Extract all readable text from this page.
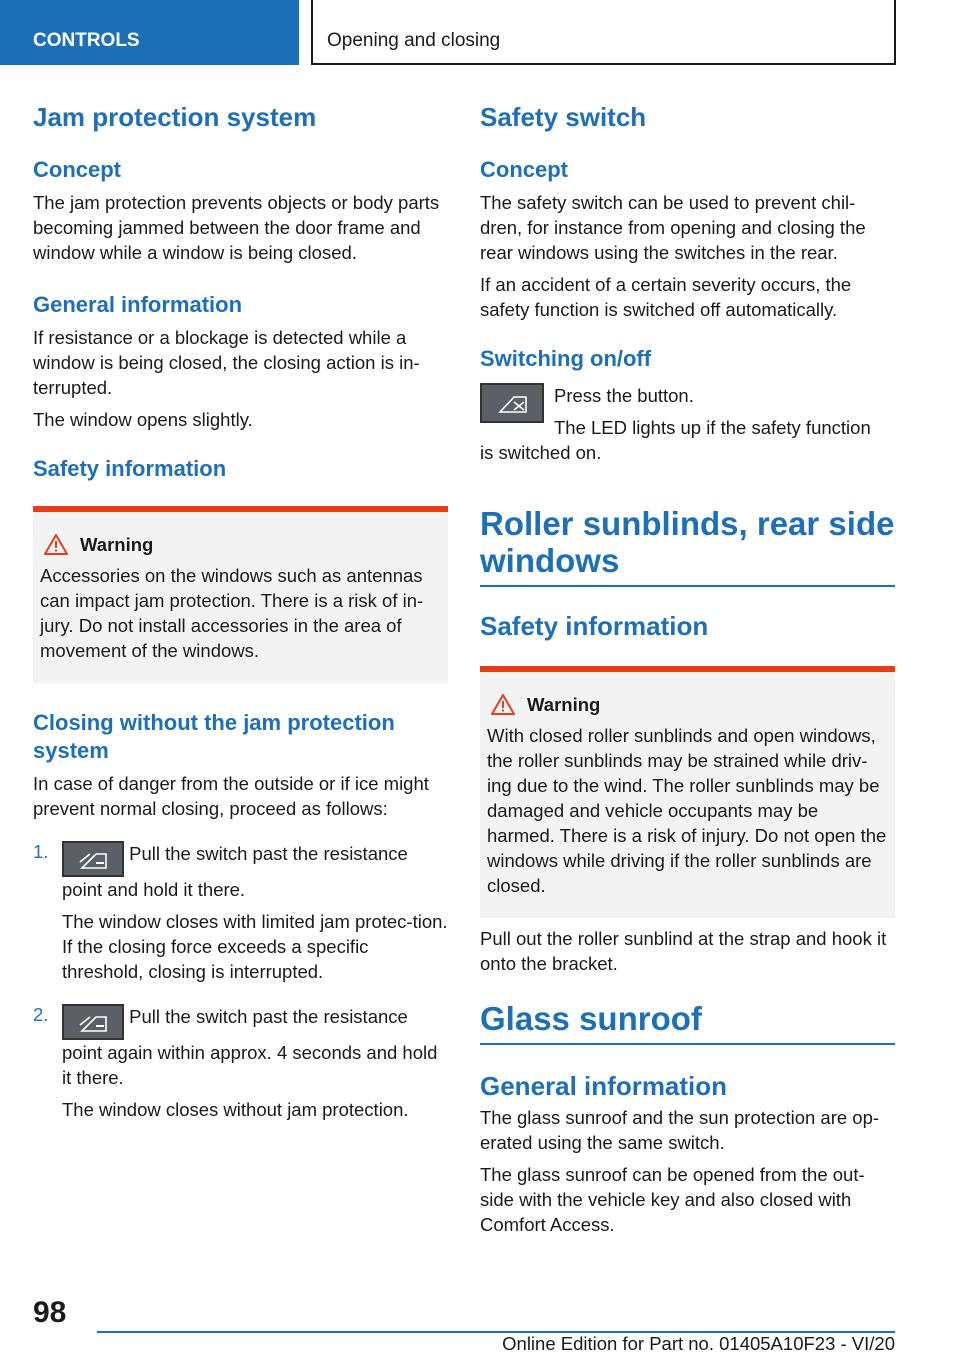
CONTROLS	Opening and closing
Jam protection system
Concept

The jam protection prevents objects or body parts becoming jammed between the door frame and window while a window is being closed.

General information

If resistance or a blockage is detected while a window is being closed, the closing action is in-terrupted.

The window opens slightly.

Safety information
Warning

Accessories on the windows such as antennas can impact jam protection. There is a risk of in-jury. Do not install accessories in the area of movement of the windows.

Closing without the jam protection system

In case of danger from the outside or if ice might prevent normal closing, proceed as follows:

1.	Pull the switch past the resistance point and hold it there.

The window closes with limited jam protec-tion. If the closing force exceeds a specific threshold, closing is interrupted.

2.	Pull the switch past the resistance point again within approx. 4 seconds and hold it there.

The window closes without jam protection.

Safety switch
Concept

The safety switch can be used to prevent chil-dren, for instance from opening and closing the rear windows using the switches in the rear.

If an accident of a certain severity occurs, the safety function is switched off automatically.

Switching on/off

Press the button.

The LED lights up if the safety function

is switched on.

Roller sunblinds, rear side windows
Safety information
Warning

With closed roller sunblinds and open windows, the roller sunblinds may be strained while driv-ing due to the wind. The roller sunblinds may be damaged and vehicle occupants may be harmed. There is a risk of injury. Do not open the windows while driving if the roller sunblinds are closed.

Pull out the roller sunblind at the strap and hook it onto the bracket.

Glass sunroof
General information

The glass sunroof and the sun protection are op-erated using the same switch.

The glass sunroof can be opened from the out-side with the vehicle key and also closed with Comfort Access.

98
Online Edition for Part no. 01405A10F23 - VI/20
